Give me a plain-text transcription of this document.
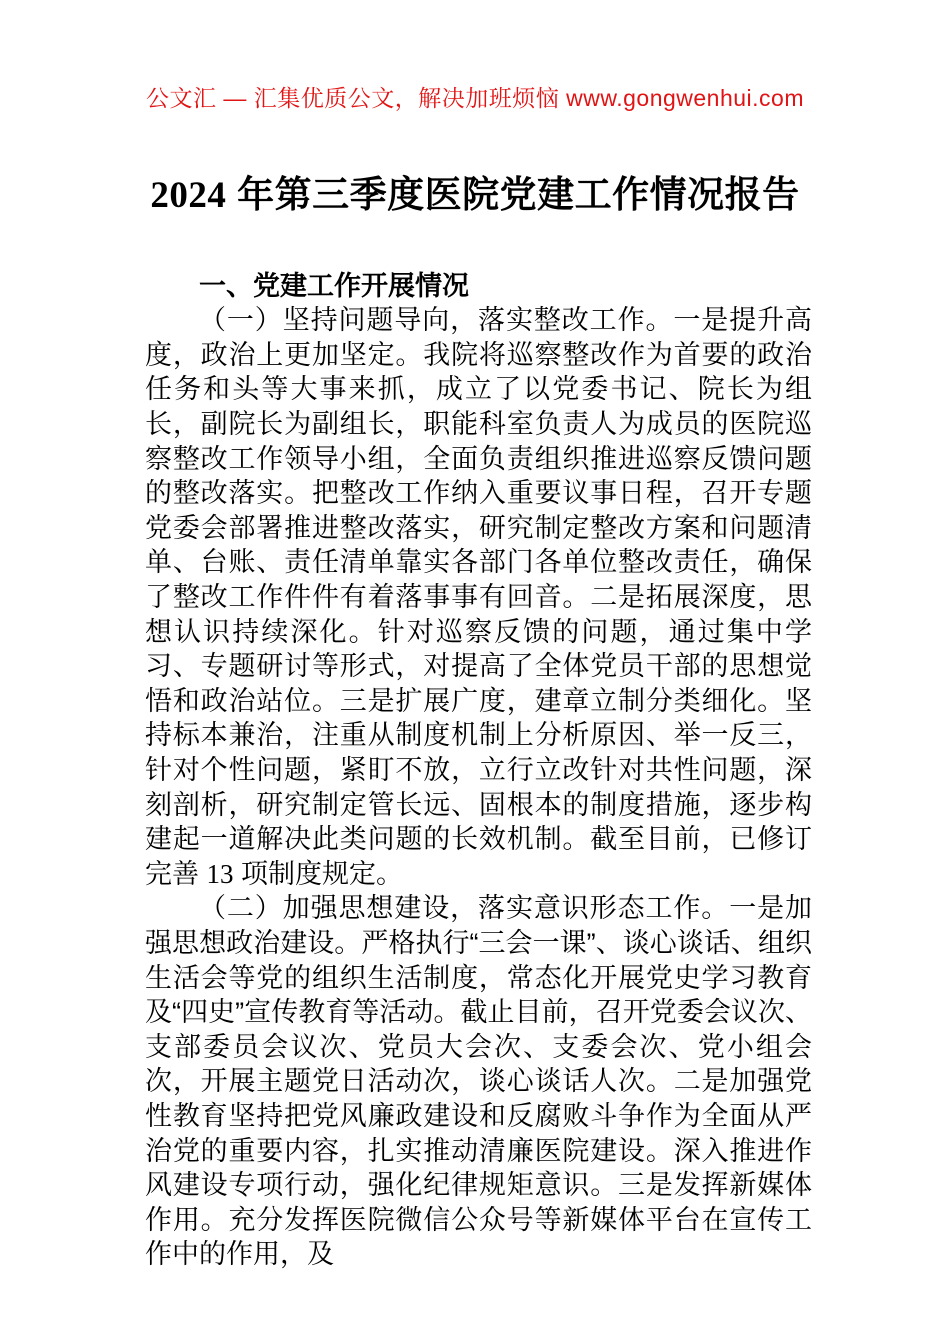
公文汇 — 汇集优质公文，解决加班烦恼 www.gongwenhui.com
2024 年第三季度医院党建工作情况报告

一、党建工作开展情况

（一）坚持问题导向，落实整改工作。一是提升高度，政治上更加坚定。我院将巡察整改作为首要的政治任务和头等大事来抓，成立了以党委书记、院长为组长，副院长为副组长，职能科室负责人为成员的医院巡察整改工作领导小组，全面负责组织推进巡察反馈问题的整改落实。把整改工作纳入重要议事日程，召开专题党委会部署推进整改落实，研究制定整改方案和问题清单、台账、责任清单靠实各部门各单位整改责任，确保了整改工作件件有着落事事有回音。二是拓展深度，思想认识持续深化。针对巡察反馈的问题，通过集中学习、专题研讨等形式，对提高了全体党员干部的思想觉悟和政治站位。三是扩展广度，建章立制分类细化。坚持标本兼治，注重从制度机制上分析原因、举一反三，针对个性问题，紧盯不放，立行立改针对共性问题，深刻剖析，研究制定管长远、固根本的制度措施，逐步构建起一道解决此类问题的长效机制。截至目前，已修订完善 13 项制度规定。

（二）加强思想建设，落实意识形态工作。一是加强思想政治建设。严格执行“三会一课”、谈心谈话、组织生活会等党的组织生活制度，常态化开展党史学习教育及“四史”宣传教育等活动。截止目前，召开党委会议次、支部委员会议次、党员大会次、支委会次、党小组会次，开展主题党日活动次，谈心谈话人次。二是加强党性教育坚持把党风廉政建设和反腐败斗争作为全面从严治党的重要内容，扎实推动清廉医院建设。深入推进作风建设专项行动，强化纪律规矩意识。三是发挥新媒体作用。充分发挥医院微信公众号等新媒体平台在宣传工作中的作用，及
